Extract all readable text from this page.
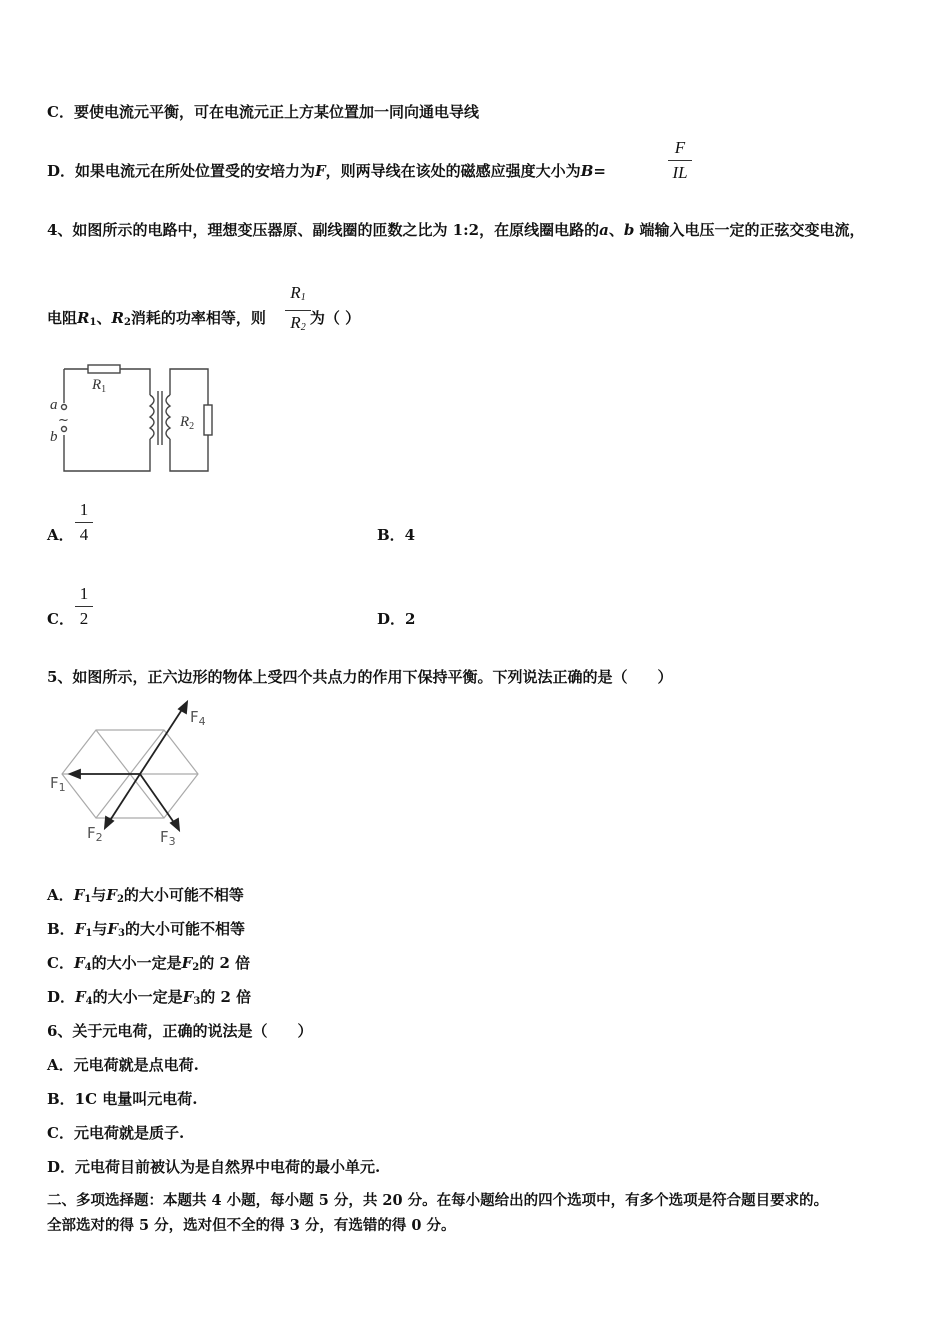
C．要使电流元平衡，可在电流元正上方某位置加一同向通电导线
D．如果电流元在所处位置受的安培力为F，则两导线在该处的磁感应强度大小为B=
F
IL
4、如图所示的电路中，理想变压器原、副线圈的匝数之比为 1:2，在原线圈电路的a、b 端输入电压一定的正弦交变电流，
电阻$R_1$、$R_2$消耗的功率相等，则	为（ ）
$R_1$
$R_2$
$R_1$
$R_2$
a
b
~
A．
1
4	B．4
C．
1
2	D．2
5、如图所示，正六边形的物体上受四个共点力的作用下保持平衡。下列说法正确的是（　　）
$F_1$
$F_4$
$F_2$	$F_3$
A．$F_1$与$F_2$的大小可能不相等
B．$F_1$与$F_3$的大小可能不相等
C．$F_4$的大小一定是$F_2$的 2 倍
D．$F_4$的大小一定是$F_3$的 2 倍
6、关于元电荷，正确的说法是（　　）
A．元电荷就是点电荷.
B．1C 电量叫元电荷.
C．元电荷就是质子.
D．元电荷目前被认为是自然界中电荷的最小单元.
二、多项选择题：本题共 4 小题，每小题 5 分，共 20 分。在每小题给出的四个选项中，有多个选项是符合题目要求的。
全部选对的得 5 分，选对但不全的得 3 分，有选错的得 0 分。
